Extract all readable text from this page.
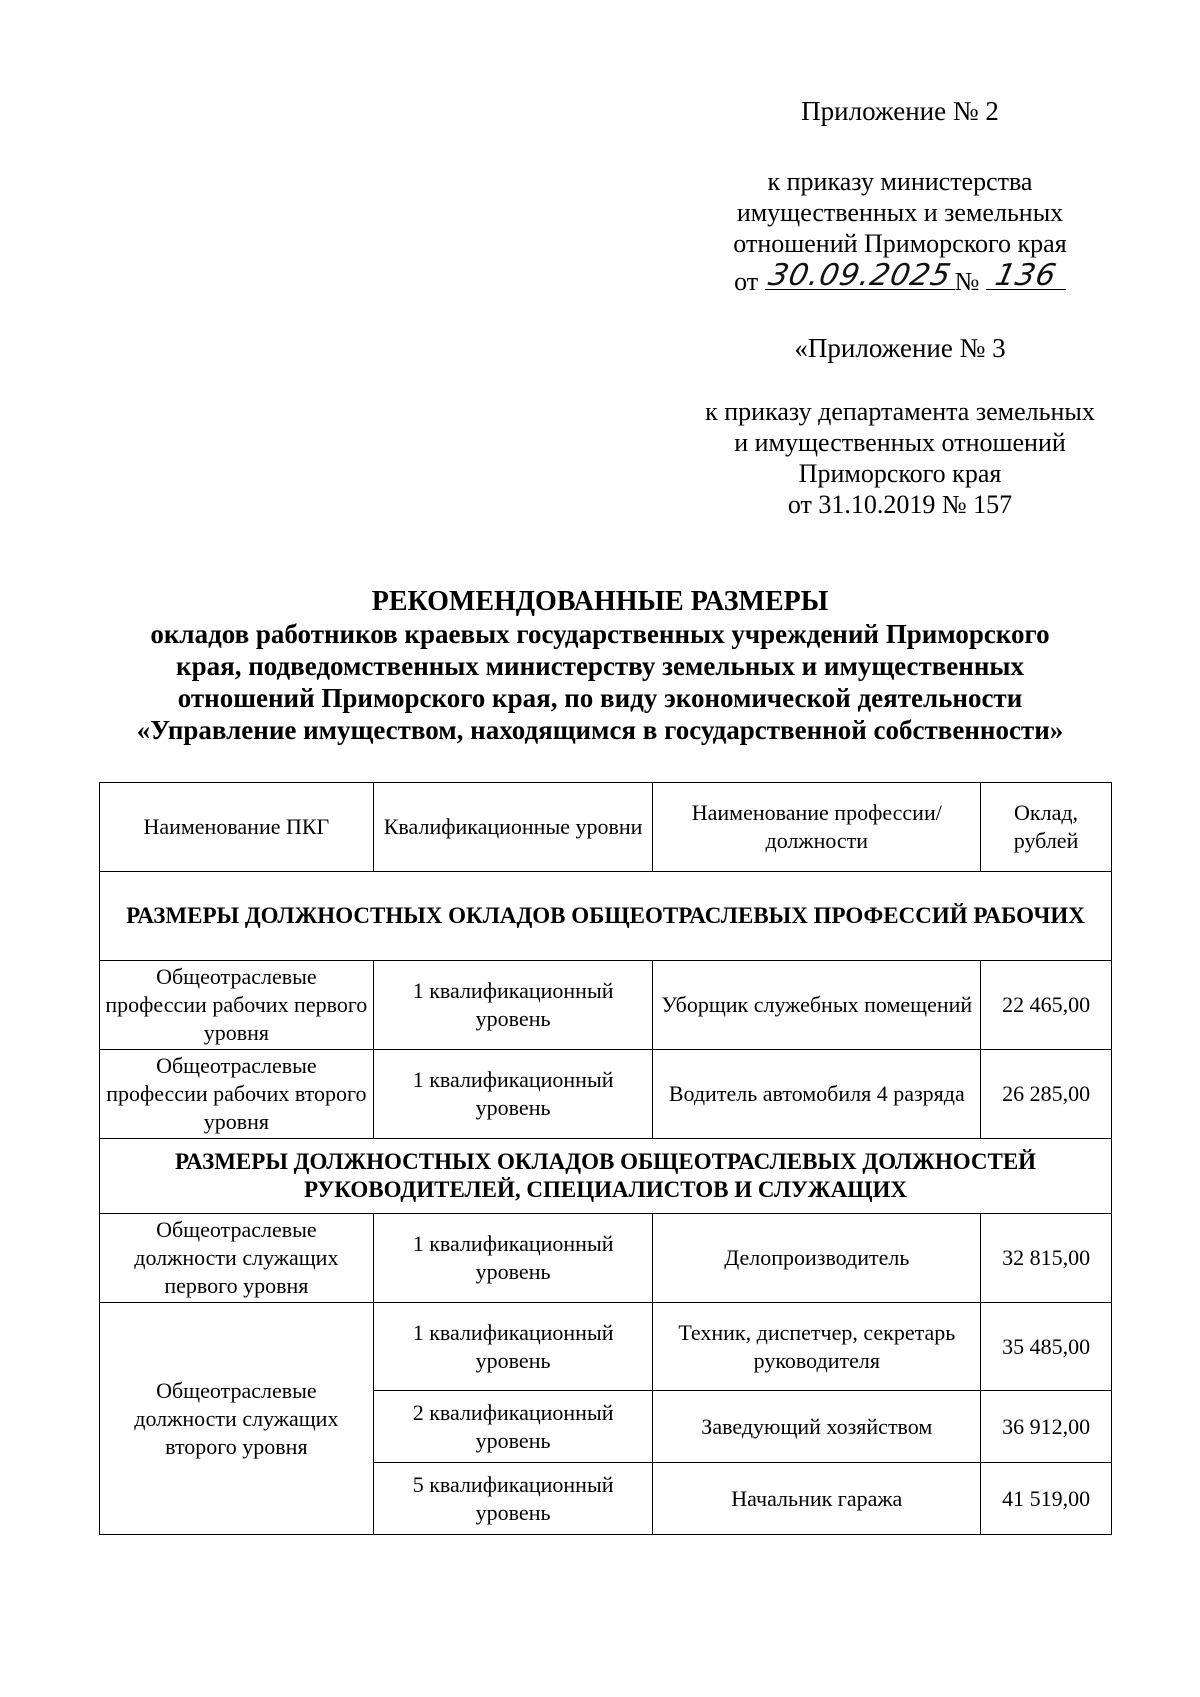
Приложение № 2
к приказу министерства
имущественных и земельных
отношений Приморского края
от 30.09.2025 № 136
«Приложение № 3
к приказу департамента земельных
и имущественных отношений
Приморского края
от 31.10.2019 № 157
РЕКОМЕНДОВАННЫЕ РАЗМЕРЫ
окладов работников краевых государственных учреждений Приморского
края, подведомственных министерству земельных и имущественных
отношений Приморского края, по виду экономической деятельности
«Управление имуществом, находящимся в государственной собственности»
Наименование ПКГ	Квалификационные уровни	Наименование профессии/ должности	Оклад, рублей
РАЗМЕРЫ ДОЛЖНОСТНЫХ ОКЛАДОВ ОБЩЕОТРАСЛЕВЫХ ПРОФЕССИЙ РАБОЧИХ			
Общеотраслевые профессии рабочих первого уровня	1 квалификационный уровень	Уборщик служебных помещений	22 465,00
Общеотраслевые профессии рабочих второго уровня	1 квалификационный уровень	Водитель автомобиля 4 разряда	26 285,00
РАЗМЕРЫ ДОЛЖНОСТНЫХ ОКЛАДОВ ОБЩЕОТРАСЛЕВЫХ ДОЛЖНОСТЕЙ РУКОВОДИТЕЛЕЙ, СПЕЦИАЛИСТОВ И СЛУЖАЩИХ			
Общеотраслевые должности служащих первого уровня	1 квалификационный уровень	Делопроизводитель	32 815,00
Общеотраслевые должности служащих второго уровня	1 квалификационный уровень	Техник, диспетчер, секретарь руководителя	35 485,00
	2 квалификационный уровень	Заведующий хозяйством	36 912,00
	5 квалификационный уровень	Начальник гаража	41 519,00
